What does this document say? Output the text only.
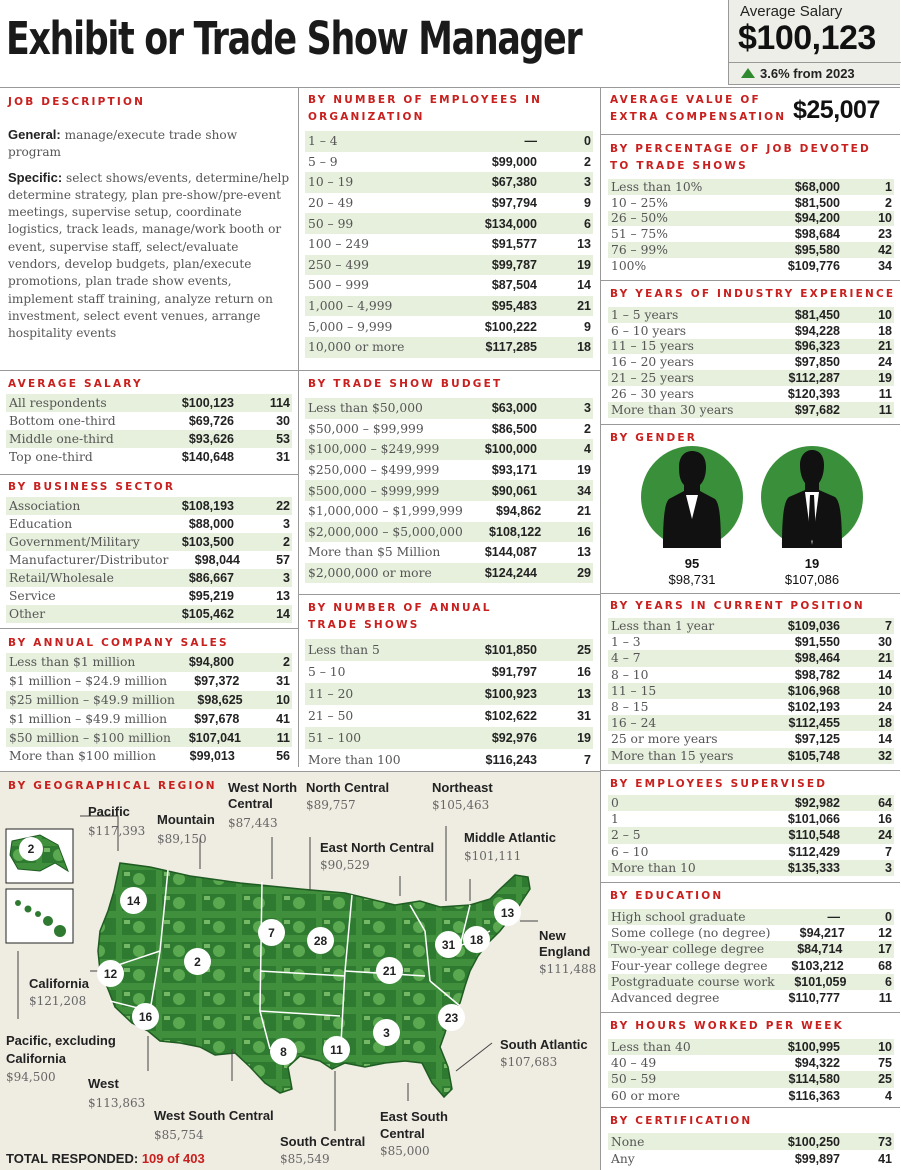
Exhibit or Trade Show Manager
Average Salary
$100,123
3.6% from 2023
JOB DESCRIPTION

General: manage/execute trade show program

Specific: select shows/events, determine/help determine strategy, plan pre-show/pre-event meetings, supervise setup, coordinate logistics, track leads, manage/work booth or event, supervise staff, select/evaluate vendors, develop budgets, plan/execute promotions, plan trade show events, implement staff training, analyze return on investment, select event venues, arrange hospitality events

AVERAGE SALARY
All respondents	$100,123	114
Bottom one-third	$69,726	30
Middle one-third	$93,626	53
Top one-third	$140,648	31
BY BUSINESS SECTOR
Association	$108,193	22
Education	$88,000	3
Government/Military	$103,500	2
Manufacturer/Distributor	$98,044	57
Retail/Wholesale	$86,667	3
Service	$95,219	13
Other	$105,462	14
BY ANNUAL COMPANY SALES
Less than $1 million	$94,800	2
$1 million – $24.9 million	$97,372	31
$25 million – $49.9 million	$98,625	10
$1 million – $49.9 million	$97,678	41
$50 million – $100 million	$107,041	11
More than $100 million	$99,013	56
BY NUMBER OF EMPLOYEES IN ORGANIZATION
1 – 4	—	0
5 – 9	$99,000	2
10 – 19	$67,380	3
20 – 49	$97,794	9
50 – 99	$134,000	6
100 – 249	$91,577	13
250 – 499	$99,787	19
500 – 999	$87,504	14
1,000 – 4,999	$95,483	21
5,000 – 9,999	$100,222	9
10,000 or more	$117,285	18
BY TRADE SHOW BUDGET
Less than $50,000	$63,000	3
$50,000 – $99,999	$86,500	2
$100,000 – $249,999	$100,000	4
$250,000 – $499,999	$93,171	19
$500,000 – $999,999	$90,061	34
$1,000,000 – $1,999,999	$94,862	21
$2,000,000 – $5,000,000	$108,122	16
More than $5 Million	$144,087	13
$2,000,000 or more	$124,244	29
BY NUMBER OF ANNUAL TRADE SHOWS
Less than 5	$101,850	25
5 – 10	$91,797	16
11 – 20	$100,923	13
21 – 50	$102,622	31
51 – 100	$92,976	19
More than 100	$116,243	7
AVERAGE VALUE OF EXTRA COMPENSATION $25,007
BY PERCENTAGE OF JOB DEVOTED TO TRADE SHOWS
Less than 10%	$68,000	1
10 – 25%	$81,500	2
26 – 50%	$94,200	10
51 – 75%	$98,684	23
76 – 99%	$95,580	42
100%	$109,776	34
BY YEARS OF INDUSTRY EXPERIENCE
1 – 5 years	$81,450	10
6 – 10 years	$94,228	18
11 – 15 years	$96,323	21
16 – 20 years	$97,850	24
21 – 25 years	$112,287	19
26 – 30 years	$120,393	11
More than 30 years	$97,682	11
BY GENDER
95
$98,731
19
$107,086
BY YEARS IN CURRENT POSITION
Less than 1 year	$109,036	7
1 – 3	$91,550	30
4 – 7	$98,464	21
8 – 10	$98,782	14
11 – 15	$106,968	10
8 – 15	$102,193	24
16 – 24	$112,455	18
25 or more years	$97,125	14
More than 15 years	$105,748	32
BY EMPLOYEES SUPERVISED
0	$92,982	64
1	$101,066	16
2 – 5	$110,548	24
6 – 10	$112,429	7
More than 10	$135,333	3
BY EDUCATION
High school graduate	—	0
Some college (no degree)	$94,217	12
Two-year college degree	$84,714	17
Four-year college degree	$103,212	68
Postgraduate course work	$101,059	6
Advanced degree	$110,777	11
BY HOURS WORKED PER WEEK
Less than 40	$100,995	10
40 – 49	$94,322	75
50 – 59	$114,580	25
60 or more	$116,363	4
BY CERTIFICATION
None	$100,250	73
Any	$99,897	41
BY GEOGRAPHICAL REGION
Pacific
$117,393
Mountain
$89,150
West North Central
$87,443
North Central
$89,757
Northeast
$105,463
East North Central
$90,529
Middle Atlantic
$101,111
New England
$111,488
California
$121,208
Pacific, excluding California
$94,500 West
$113,863
West South Central
$85,754	South Central
$85,549
East South Central
$85,000
South Atlantic
$107,683
2
14
12
16
2
7
28
21
31	18
13
8	11
3
23
TOTAL RESPONDED: 109 of 403
